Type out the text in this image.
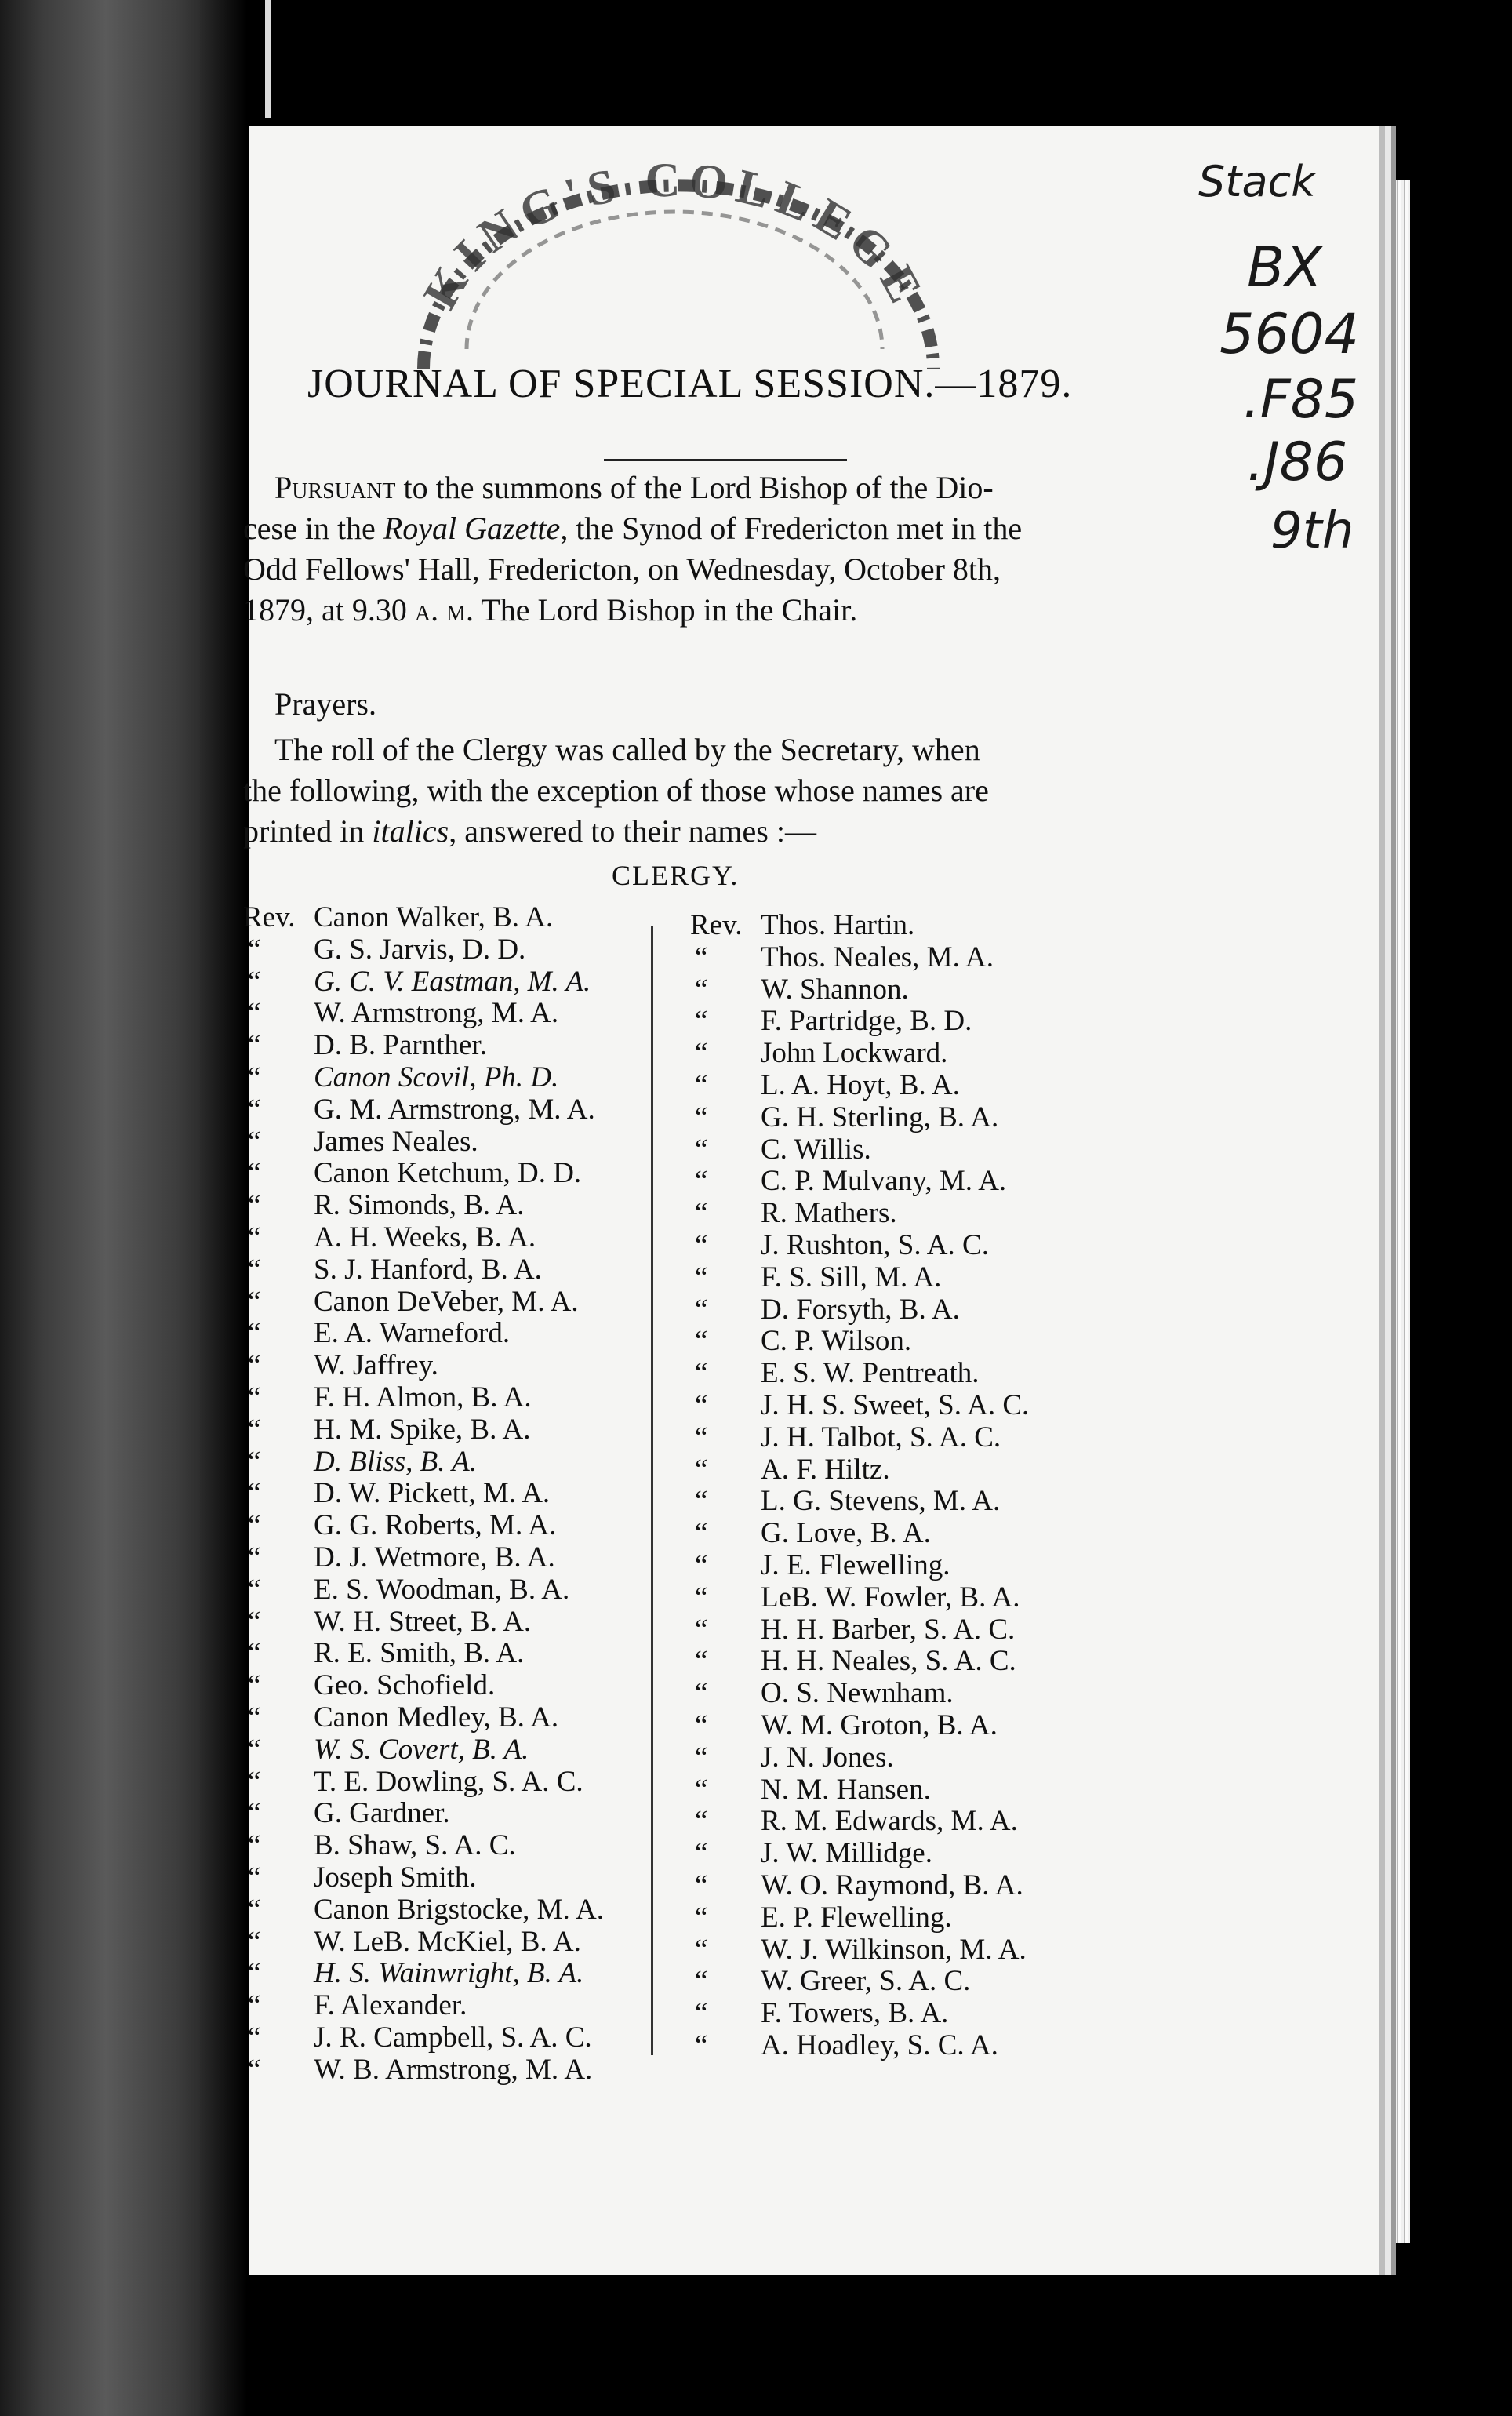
KING'S COLLEGE
Stack
BX
5604
.F85
.J86
9th
JOURNAL OF SPECIAL SESSION.—1879.
Pursuant to the summons of the Lord Bishop of the Dio-
cese in the Royal Gazette, the Synod of Fredericton met in the
Odd Fellows' Hall, Fredericton, on Wednesday, October 8th,
1879, at 9.30 a. m. The Lord Bishop in the Chair.
Prayers.
The roll of the Clergy was called by the Secretary, when
the following, with the exception of those whose names are
printed in italics, answered to their names :—
CLERGY.
Rev. Canon Walker, B. A.
“ G. S. Jarvis, D. D.
“ G. C. V. Eastman, M. A.
“ W. Armstrong, M. A.
“ D. B. Parnther.
“ Canon Scovil, Ph. D.
“ G. M. Armstrong, M. A.
“ James Neales.
“ Canon Ketchum, D. D.
“ R. Simonds, B. A.
“ A. H. Weeks, B. A.
“ S. J. Hanford, B. A.
“ Canon DeVeber, M. A.
“ E. A. Warneford.
“ W. Jaffrey.
“ F. H. Almon, B. A.
“ H. M. Spike, B. A.
“ D. Bliss, B. A.
“ D. W. Pickett, M. A.
“ G. G. Roberts, M. A.
“ D. J. Wetmore, B. A.
“ E. S. Woodman, B. A.
“ W. H. Street, B. A.
“ R. E. Smith, B. A.
“ Geo. Schofield.
“ Canon Medley, B. A.
“ W. S. Covert, B. A.
“ T. E. Dowling, S. A. C.
“ G. Gardner.
“ B. Shaw, S. A. C.
“ Joseph Smith.
“ Canon Brigstocke, M. A.
“ W. LeB. McKiel, B. A.
“ H. S. Wainwright, B. A.
“ F. Alexander.
“ J. R. Campbell, S. A. C.
“ W. B. Armstrong, M. A.
Rev. Thos. Hartin.
“ Thos. Neales, M. A.
“ W. Shannon.
“ F. Partridge, B. D.
“ John Lockward.
“ L. A. Hoyt, B. A.
“ G. H. Sterling, B. A.
“ C. Willis.
“ C. P. Mulvany, M. A.
“ R. Mathers.
“ J. Rushton, S. A. C.
“ F. S. Sill, M. A.
“ D. Forsyth, B. A.
“ C. P. Wilson.
“ E. S. W. Pentreath.
“ J. H. S. Sweet, S. A. C.
“ J. H. Talbot, S. A. C.
“ A. F. Hiltz.
“ L. G. Stevens, M. A.
“ G. Love, B. A.
“ J. E. Flewelling.
“ LeB. W. Fowler, B. A.
“ H. H. Barber, S. A. C.
“ H. H. Neales, S. A. C.
“ O. S. Newnham.
“ W. M. Groton, B. A.
“ J. N. Jones.
“ N. M. Hansen.
“ R. M. Edwards, M. A.
“ J. W. Millidge.
“ W. O. Raymond, B. A.
“ E. P. Flewelling.
“ W. J. Wilkinson, M. A.
“ W. Greer, S. A. C.
“ F. Towers, B. A.
“ A. Hoadley, S. C. A.
